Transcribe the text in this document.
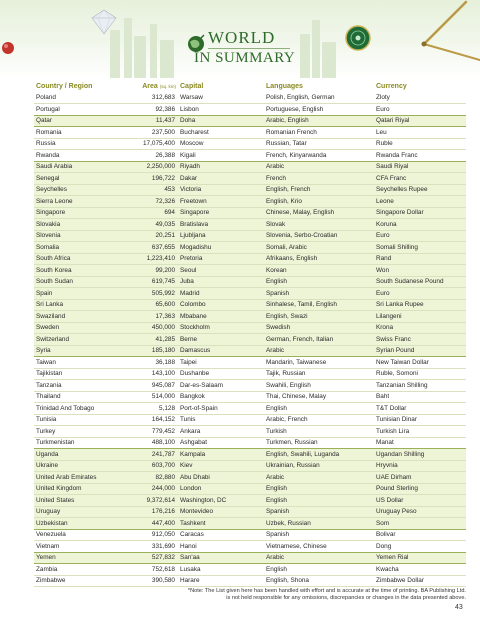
WORLD
IN SUMMARY
Country / Region	Area (sq. km)	Capital	Languages	Currency
Poland	312,683	Warsaw	Polish, English, German	Zloty
Portugal	92,386	Lisbon	Portuguese, English	Euro
Qatar	11,437	Doha	Arabic, English	Qatari Riyal
Romania	237,500	Bucharest	Romanian French	Leu
Russia	17,075,400	Moscow	Russian, Tatar	Ruble
Rwanda	26,388	Kigali	French, Kinyarwanda	Rwanda Franc
Saudi Arabia	2,250,000	Riyadh	Arabic	Saudi Riyal
Senegal	196,722	Dakar	French	CFA Franc
Seychelles	453	Victoria	English, French	Seychelles Rupee
Sierra Leone	72,326	Freetown	English, Krio	Leone
Singapore	694	Singapore	Chinese, Malay, English	Singapore Dollar
Slovakia	49,035	Bratislava	Slovak	Koruna
Slovenia	20,251	Ljubljana	Slovenia, Serbo-Croatian	Euro
Somalia	637,655	Mogadishu	Somali, Arabic	Somali Shilling
South Africa	1,223,410	Pretoria	Afrikaans, English	Rand
South Korea	99,200	Seoul	Korean	Won
South Sudan	619,745	Juba	English	South Sudanese Pound
Spain	505,992	Madrid	Spanish	Euro
Sri Lanka	65,600	Colombo	Sinhalese, Tamil, English	Sri Lanka Rupee
Swaziland	17,363	Mbabane	English, Swazi	Lilangeni
Sweden	450,000	Stockholm	Swedish	Krona
Switzerland	41,285	Berne	German, French, Italian	Swiss Franc
Syria	185,180	Damascus	Arabic	Syrian Pound
Taiwan	36,188	Taipei	Mandarin, Taiwanese	New Taiwan Dollar
Tajikistan	143,100	Dushanbe	Tajik, Russian	Ruble, Somoni
Tanzania	945,087	Dar-es-Salaam	Swahili, English	Tanzanian Shilling
Thailand	514,000	Bangkok	Thai, Chinese, Malay	Baht
Trinidad And Tobago	5,128	Port-of-Spain	English	T&T Dollar
Tunisia	164,152	Tunis	Arabic, French	Tunisian Dinar
Turkey	779,452	Ankara	Turkish	Turkish Lira
Turkmenistan	488,100	Ashgabat	Turkmen, Russian	Manat
Uganda	241,787	Kampala	English, Swahili, Luganda	Ugandan Shilling
Ukraine	603,700	Kiev	Ukrainian, Russian	Hryvnia
United Arab Emirates	82,880	Abu Dhabi	Arabic	UAE Dirham
United Kingdom	244,000	London	English	Pound Sterling
United States	9,372,614	Washington, DC	English	US Dollar
Uruguay	176,216	Montevideo	Spanish	Uruguay Peso
Uzbekistan	447,400	Tashkent	Uzbek, Russian	Som
Venezuela	912,050	Caracas	Spanish	Bolivar
Vietnam	331,690	Hanoi	Vietnamese, Chinese	Dong
Yemen	527,832	San'aa	Arabic	Yemen Rial
Zambia	752,618	Lusaka	English	Kwacha
Zimbabwe	390,580	Harare	English, Shona	Zimbabwe Dollar
*Note: The List given here has been handled with effort and is accurate at the time of printing. BA Publishing Ltd.
is not held responsible for any omissions, discrepancies or changes in the data presented above.
43
